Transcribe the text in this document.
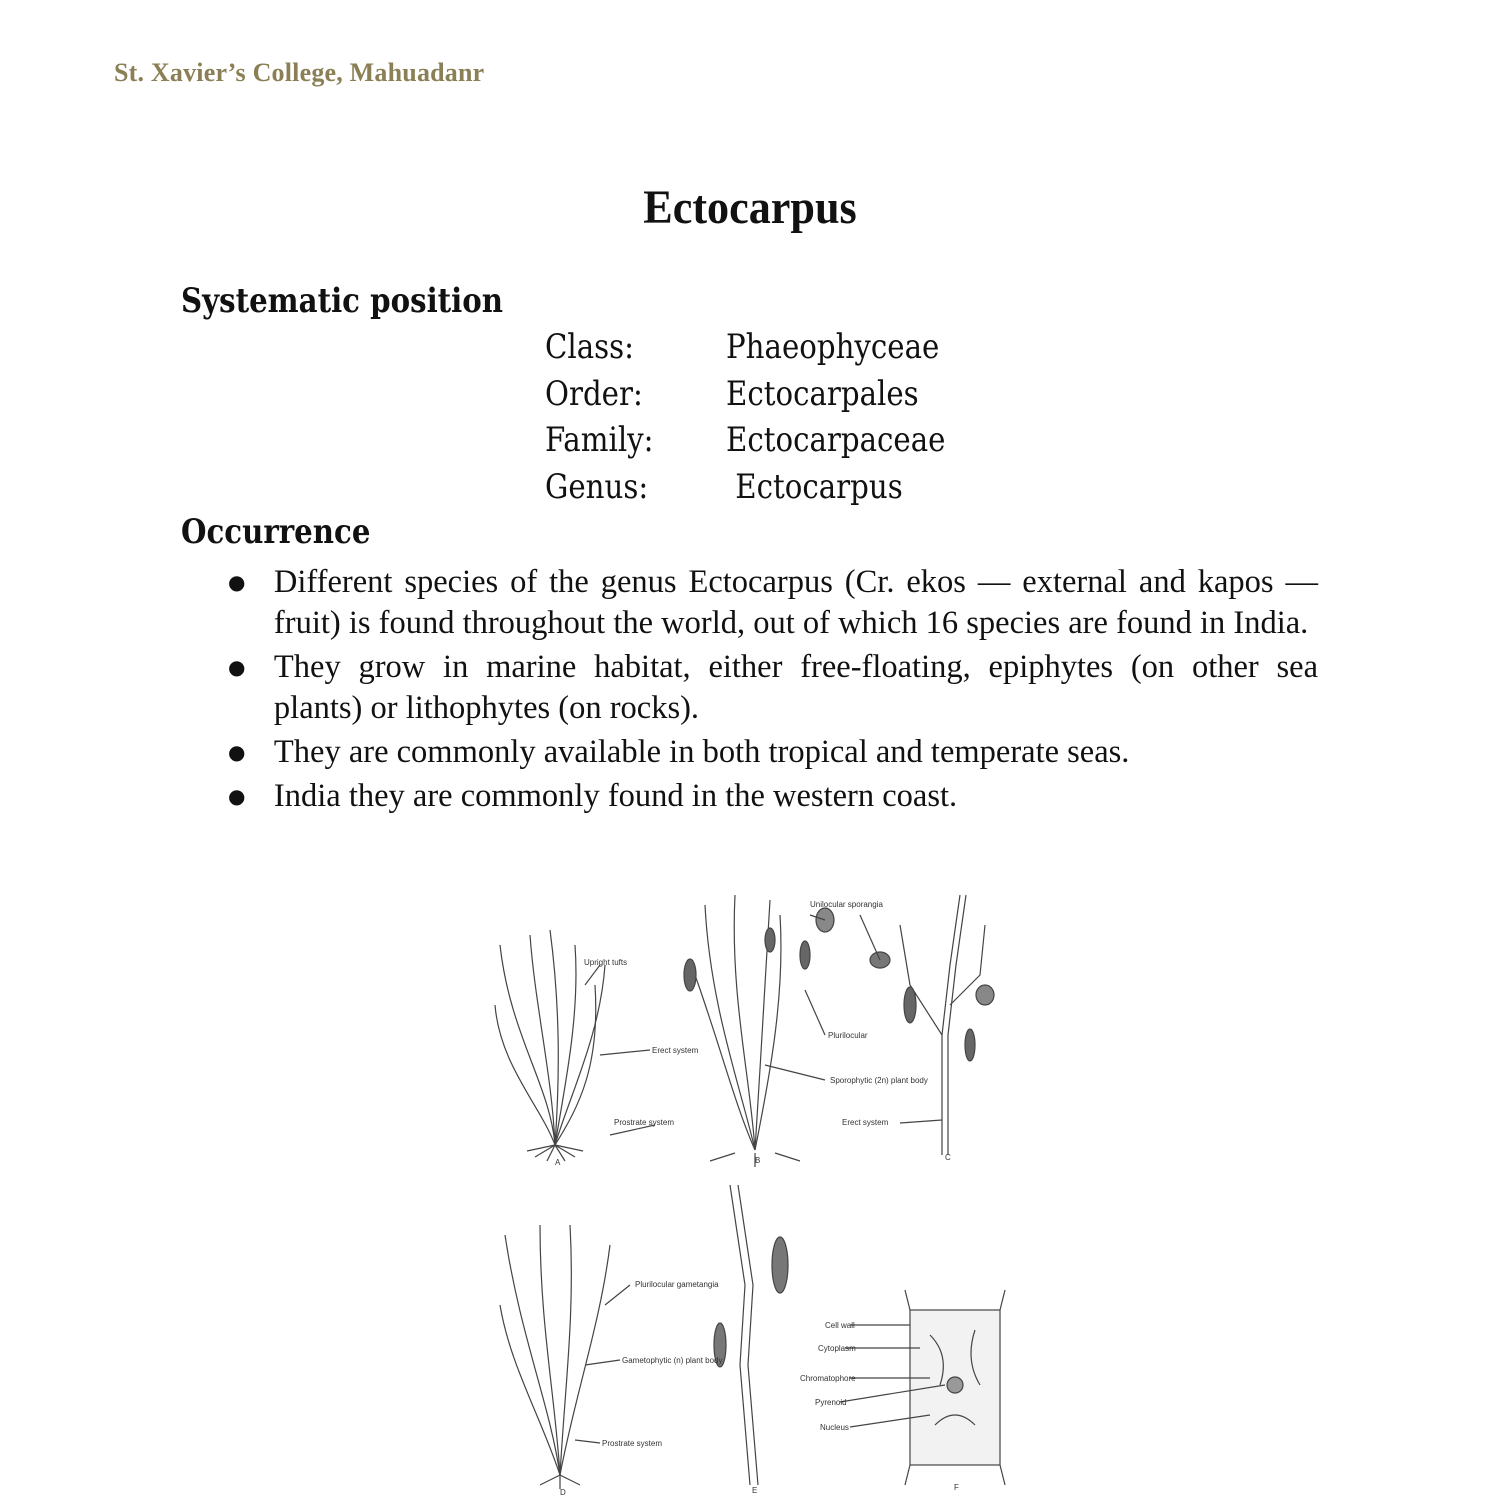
St. Xavier’s College, Mahuadanr
Ectocarpus
Systematic position
Class:	Phaeophyceae
Order:	Ectocarpales
Family:	Ectocarpaceae
Genus:	Ectocarpus
Occurrence
● Different species of the genus Ectocarpus (Cr. ekos — external and kapos — fruit) is found throughout the world, out of which 16 species are found in India.
● They grow in marine habitat, either free-floating, epiphytes (on other sea plants) or lithophytes (on rocks).
● They are commonly available in both tropical and temperate seas.
● India they are commonly found in the western coast.
Upright tufts
Erect system
Prostrate system
Unilocular sporangia
Plurilocular
Sporophytic (2n) plant body
Erect system
Plurilocular gametangia
Gametophytic (n) plant body
Prostrate system
Cell wall
Cytoplasm
Chromatophore
Pyrenoid
Nucleus
A	B	C
D	E	F
